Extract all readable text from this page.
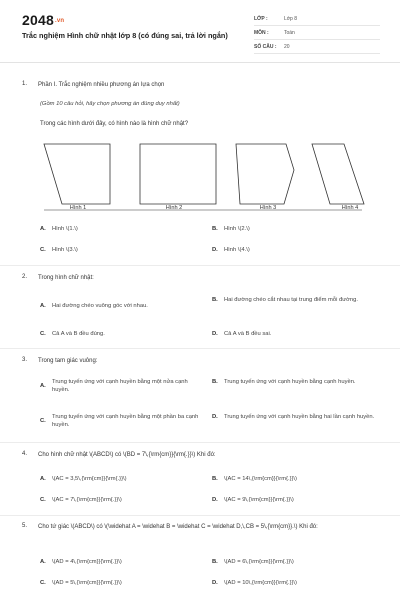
2048.vn
Trắc nghiệm Hình chữ nhật lớp 8 (có đúng sai, trả lời ngắn)
LỚP :	Lớp 8
MÔN :	Toán
SỐ CÂU :	20
1.	Phần I. Trắc nghiệm nhiều phương án lựa chọn
(Gồm 10 câu hỏi, hãy chọn phương án đúng duy nhất)
Trong các hình dưới đây, có hình nào là hình chữ nhật?
Hình 1	Hình 2	Hình 3	Hình 4
A.	Hình \(1.\)	B.	Hình \(2.\)
C.	Hình \(3.\)	D.	Hình \(4.\)
2.	Trong hình chữ nhật:
A.	Hai đường chéo vuông góc với nhau.
B.	Hai đường chéo cắt nhau tại trung điểm mỗi đường.
C.	Cả A và B đều đúng.	D.	Cả A và B đều sai.
3.	Trong tam giác vuông:
A.
Trung tuyến ứng với cạnh huyền bằng một nửa cạnh huyền.
B.	Trung tuyến ứng với cạnh huyền bằng cạnh huyền.
C.
Trung tuyến ứng với cạnh huyền bằng một phần ba cạnh huyền.
D.	Trung tuyến ứng với cạnh huyền bằng hai lần cạnh huyền.
4.	Cho hình chữ nhật \(ABCD\) có \(BD = 7\,{\rm{cm}}{\rm{.}}\) Khi đó:
A.	\(AC = 3,5\,{\rm{cm}}{\rm{.}}\)	B.	\(AC = 14\,{\rm{cm}}{\rm{.}}\)
C.	\(AC = 7\,{\rm{cm}}{\rm{.}}\)	D.	\(AC = 9\,{\rm{cm}}{\rm{.}}\)
5.	Cho tứ giác \(ABCD\) có \(\widehat A = \widehat B = \widehat C = \widehat D,\,CB = 5\,{\rm{cm}}.\) Khi đó:
A.	\(AD = 4\,{\rm{cm}}{\rm{.}}\)	B.	\(AD = 6\,{\rm{cm}}{\rm{.}}\)
C.	\(AD = 5\,{\rm{cm}}{\rm{.}}\)	D.	\(AD = 10\,{\rm{cm}}{\rm{.}}\)
